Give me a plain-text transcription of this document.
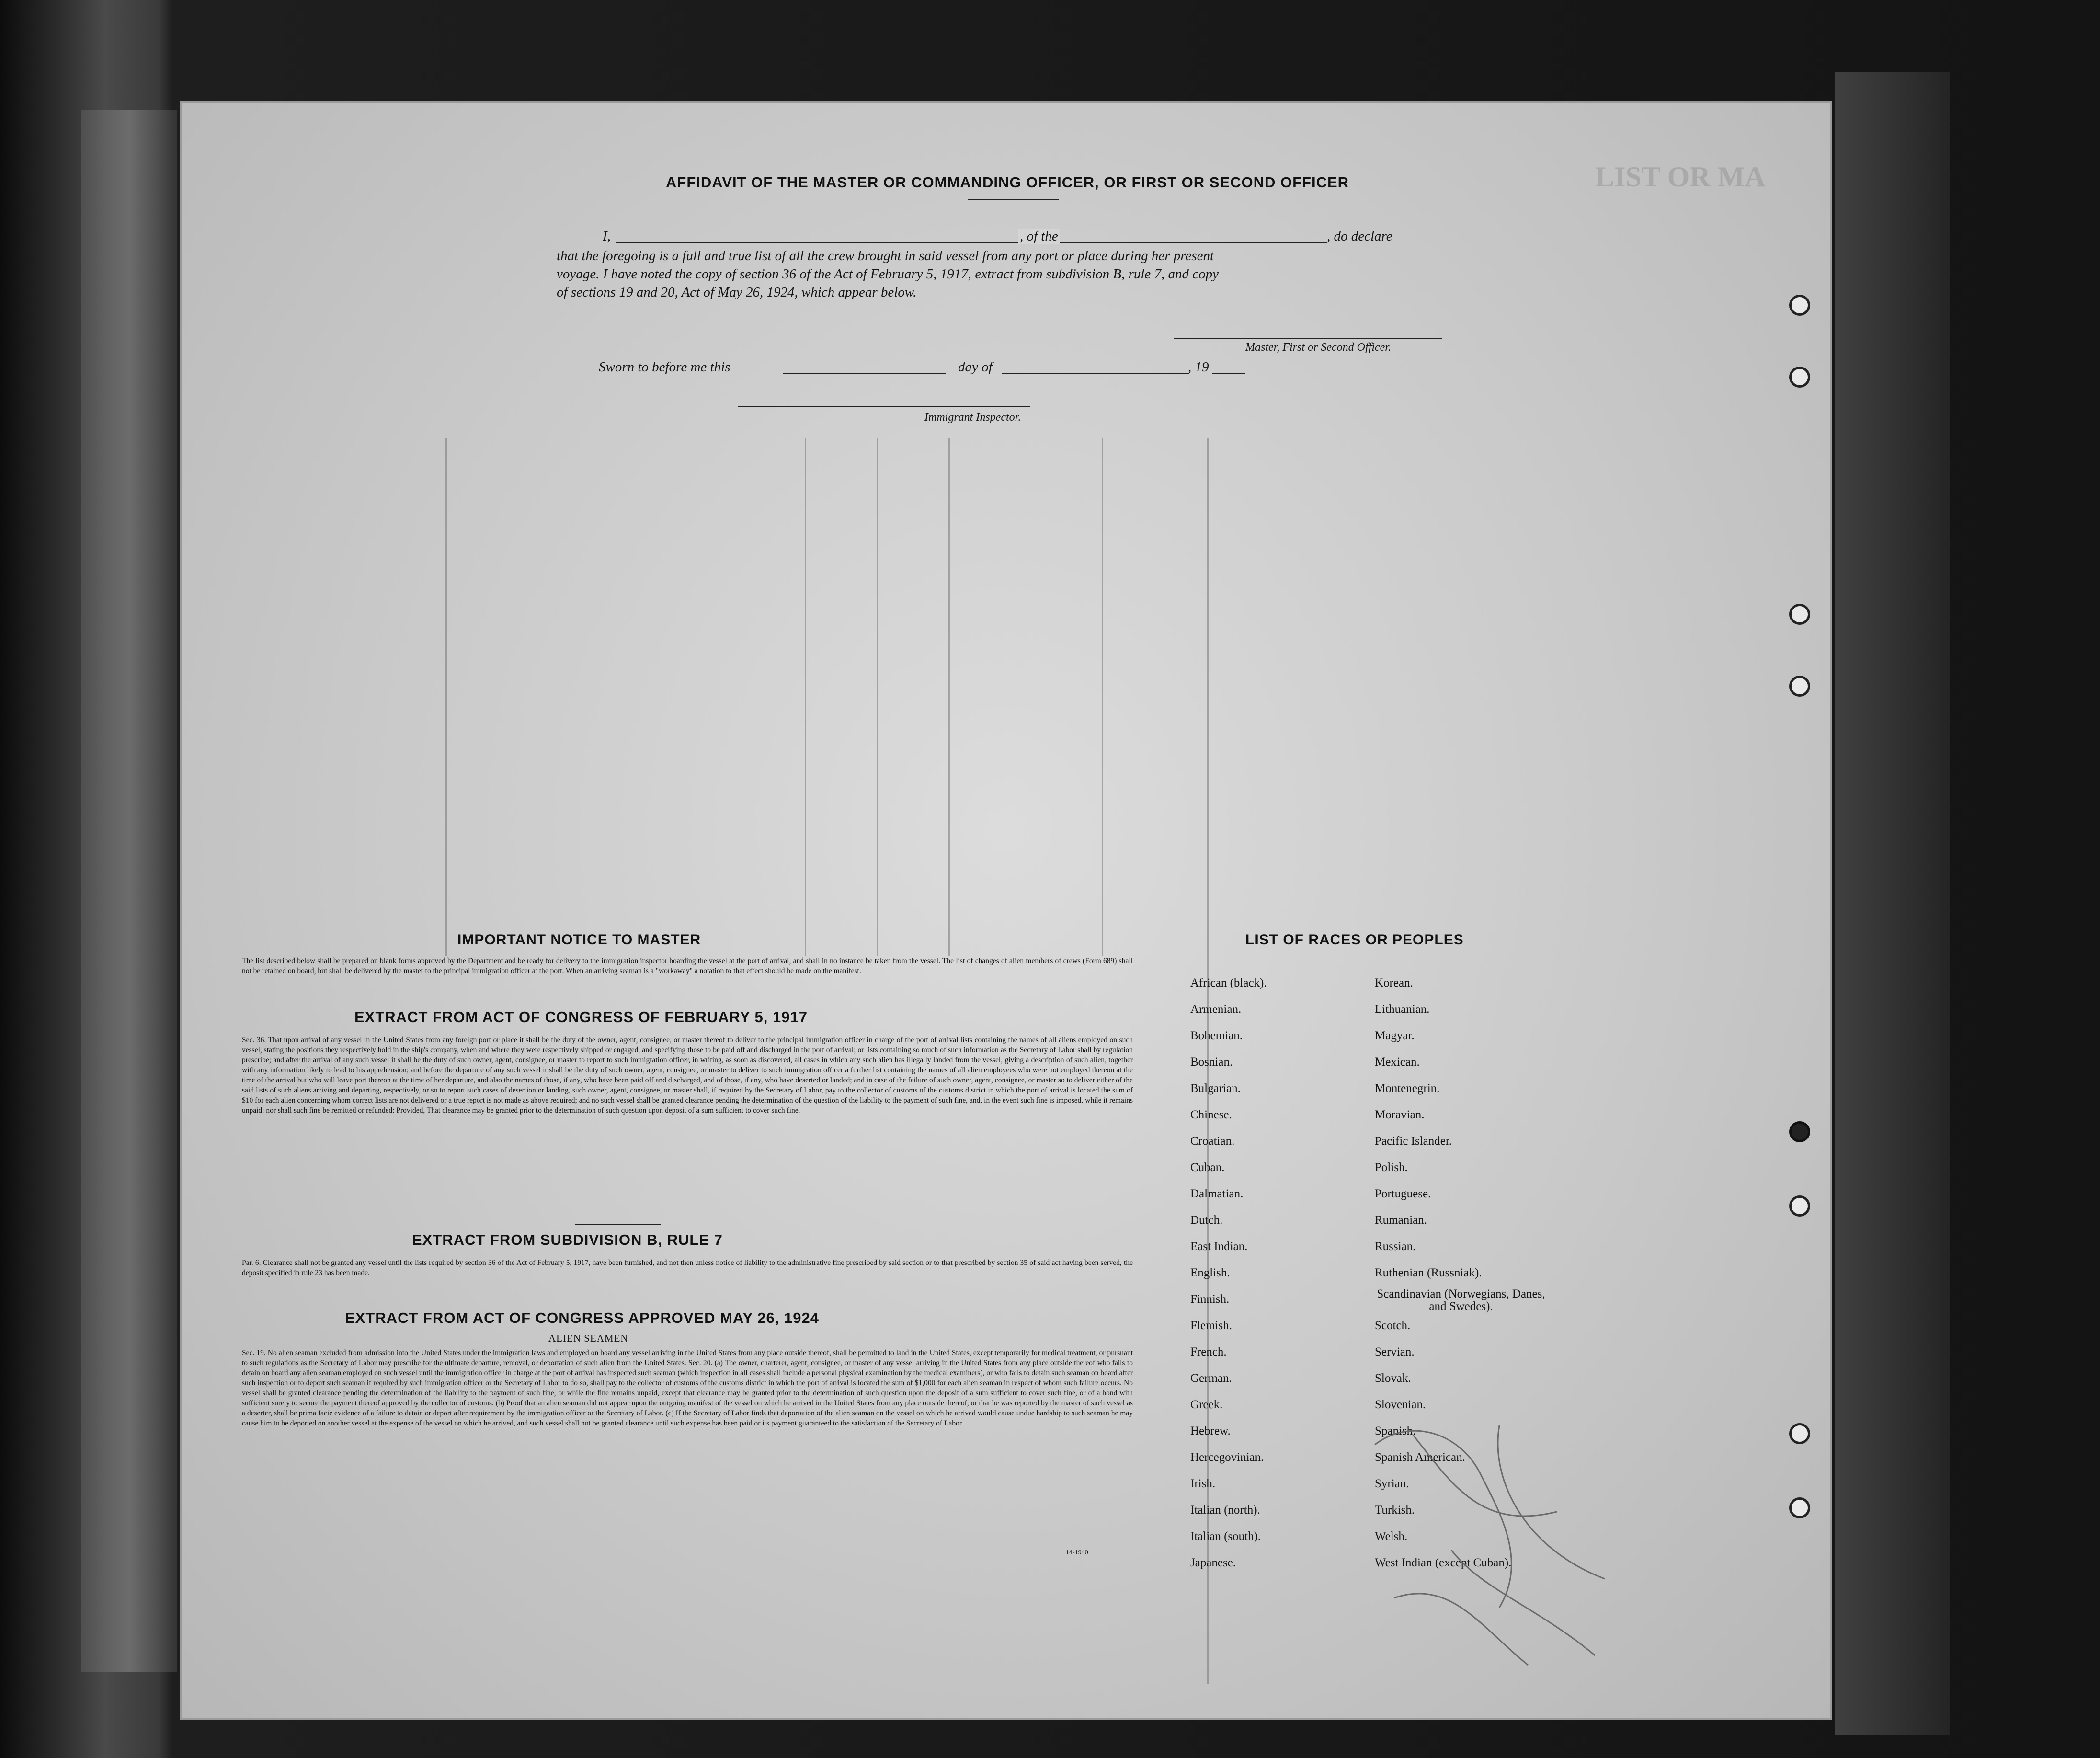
LIST OR MA
AFFIDAVIT OF THE MASTER OR COMMANDING OFFICER, OR FIRST OR SECOND OFFICER
I,	, of the	, do declare
that the foregoing is a full and true list of all the crew brought in said vessel from any port or place during her present
voyage. I have noted the copy of section 36 of the Act of February 5, 1917, extract from subdivision B, rule 7, and copy
of sections 19 and 20, Act of May 26, 1924, which appear below.
Master, First or Second Officer.
Sworn to before me this	day of	, 19
Immigrant Inspector.
IMPORTANT NOTICE TO MASTER
The list described below shall be prepared on blank forms approved by the Department and be ready for delivery to the immigration inspector boarding the vessel at the port of arrival, and shall in no instance be taken from the vessel. The list of changes of alien members of crews (Form 689) shall not be retained on board, but shall be delivered by the master to the principal immigration officer at the port. When an arriving seaman is a "workaway" a notation to that effect should be made on the manifest.
EXTRACT FROM ACT OF CONGRESS OF FEBRUARY 5, 1917
Sec. 36. That upon arrival of any vessel in the United States from any foreign port or place it shall be the duty of the owner, agent, consignee, or master thereof to deliver to the principal immigration officer in charge of the port of arrival lists containing the names of all aliens employed on such vessel, stating the positions they respectively hold in the ship's company, when and where they were respectively shipped or engaged, and specifying those to be paid off and discharged in the port of arrival; or lists containing so much of such information as the Secretary of Labor shall by regulation prescribe; and after the arrival of any such vessel it shall be the duty of such owner, agent, consignee, or master to report to such immigration officer, in writing, as soon as discovered, all cases in which any such alien has illegally landed from the vessel, giving a description of such alien, together with any information likely to lead to his apprehension; and before the departure of any such vessel it shall be the duty of such owner, agent, consignee, or master to deliver to such immigration officer a further list containing the names of all alien employees who were not employed thereon at the time of the arrival but who will leave port thereon at the time of her departure, and also the names of those, if any, who have been paid off and discharged, and of those, if any, who have deserted or landed; and in case of the failure of such owner, agent, consignee, or master so to deliver either of the said lists of such aliens arriving and departing, respectively, or so to report such cases of desertion or landing, such owner, agent, consignee, or master shall, if required by the Secretary of Labor, pay to the collector of customs of the customs district in which the port of arrival is located the sum of $10 for each alien concerning whom correct lists are not delivered or a true report is not made as above required; and no such vessel shall be granted clearance pending the determination of the question of the liability to the payment of such fine, and, in the event such fine is imposed, while it remains unpaid; nor shall such fine be remitted or refunded: Provided, That clearance may be granted prior to the determination of such question upon deposit of a sum sufficient to cover such fine.
EXTRACT FROM SUBDIVISION B, RULE 7
Par. 6. Clearance shall not be granted any vessel until the lists required by section 36 of the Act of February 5, 1917, have been furnished, and not then unless notice of liability to the administrative fine prescribed by said section or to that prescribed by section 35 of said act having been served, the deposit specified in rule 23 has been made.
EXTRACT FROM ACT OF CONGRESS APPROVED MAY 26, 1924
ALIEN SEAMEN
Sec. 19. No alien seaman excluded from admission into the United States under the immigration laws and employed on board any vessel arriving in the United States from any place outside thereof, shall be permitted to land in the United States, except temporarily for medical treatment, or pursuant to such regulations as the Secretary of Labor may prescribe for the ultimate departure, removal, or deportation of such alien from the United States. Sec. 20. (a) The owner, charterer, agent, consignee, or master of any vessel arriving in the United States from any place outside thereof who fails to detain on board any alien seaman employed on such vessel until the immigration officer in charge at the port of arrival has inspected such seaman (which inspection in all cases shall include a personal physical examination by the medical examiners), or who fails to detain such seaman on board after such inspection or to deport such seaman if required by such immigration officer or the Secretary of Labor to do so, shall pay to the collector of customs of the customs district in which the port of arrival is located the sum of $1,000 for each alien seaman in respect of whom such failure occurs. No vessel shall be granted clearance pending the determination of the liability to the payment of such fine, or while the fine remains unpaid, except that clearance may be granted prior to the determination of such question upon the deposit of a sum sufficient to cover such fine, or of a bond with sufficient surety to secure the payment thereof approved by the collector of customs. (b) Proof that an alien seaman did not appear upon the outgoing manifest of the vessel on which he arrived in the United States from any place outside thereof, or that he was reported by the master of such vessel as a deserter, shall be prima facie evidence of a failure to detain or deport after requirement by the immigration officer or the Secretary of Labor. (c) If the Secretary of Labor finds that deportation of the alien seaman on the vessel on which he arrived would cause undue hardship to such seaman he may cause him to be deported on another vessel at the expense of the vessel on which he arrived, and such vessel shall not be granted clearance until such expense has been paid or its payment guaranteed to the satisfaction of the Secretary of Labor.
14-1940
LIST OF RACES OR PEOPLES
African (black).
Armenian.
Bohemian.
Bosnian.
Bulgarian.
Chinese.
Croatian.
Cuban.
Dalmatian.
Dutch.
East Indian.
English.
Finnish.
Flemish.
French.
German.
Greek.
Hebrew.
Hercegovinian.
Irish.
Italian (north).
Italian (south).
Japanese.
Korean.
Lithuanian.
Magyar.
Mexican.
Montenegrin.
Moravian.
Pacific Islander.
Polish.
Portuguese.
Rumanian.
Russian.
Ruthenian (Russniak).
Scandinavian (Norwegians, Danes, and Swedes).
Scotch.
Servian.
Slovak.
Slovenian.
Spanish.
Spanish American.
Syrian.
Turkish.
Welsh.
West Indian (except Cuban).
